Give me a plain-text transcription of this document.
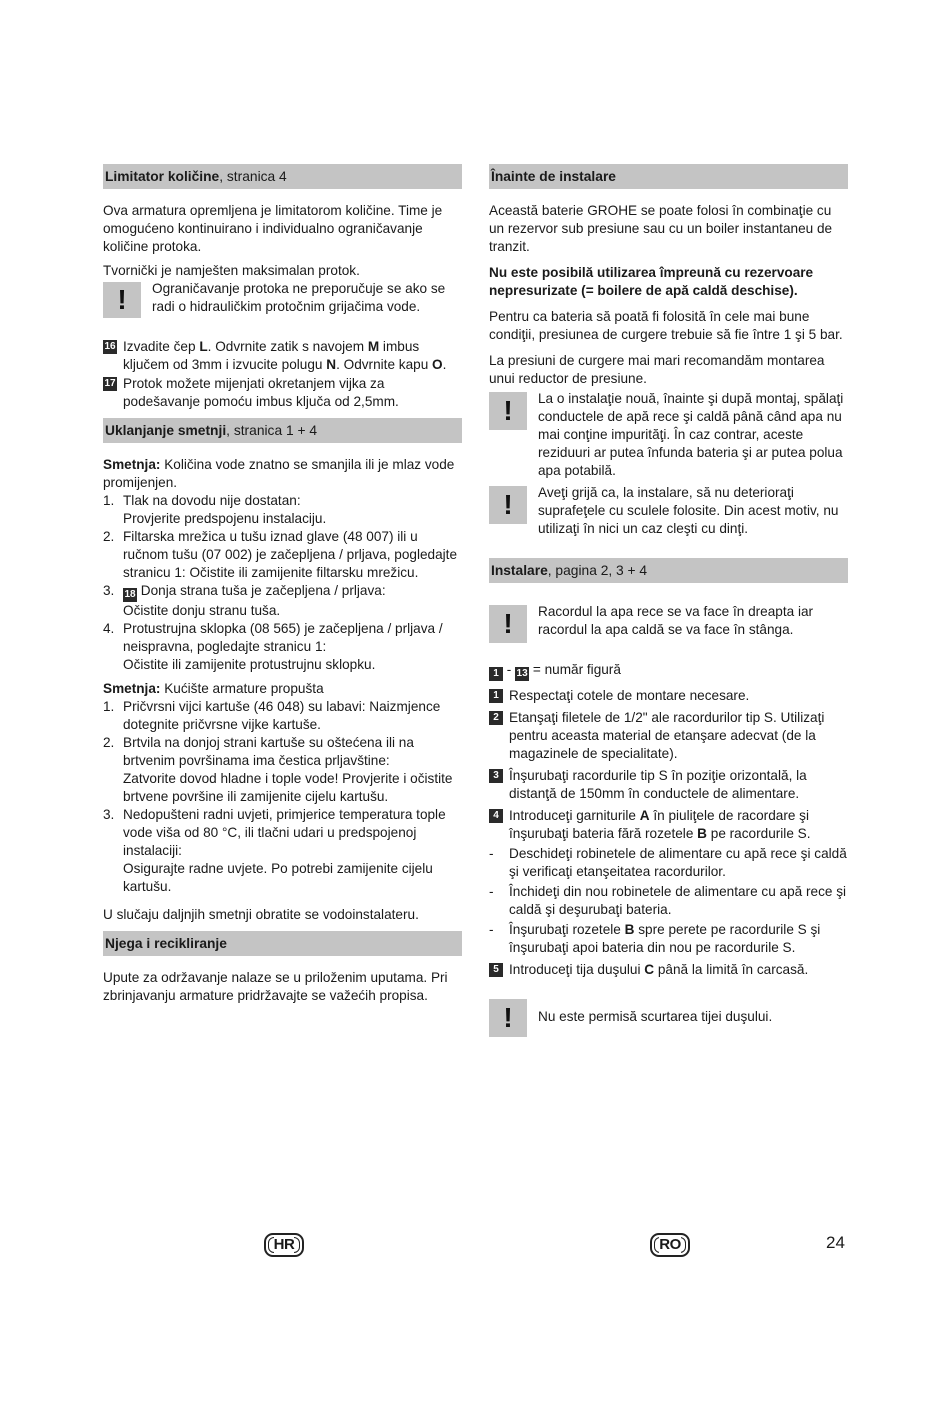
Limitator količine, stranica 4

Ova armatura opremljena je limitatorom količine. Time je omogućeno kontinuirano i individualno ograničavanje količine protoka.

Tvornički je namješten maksimalan protok.

!	Ograničavanje protoka ne preporučuje se ako se radi o hidrauličkim protočnim grijačima vode.

16 Izvadite čep L. Odvrnite zatik s navojem M imbus ključem od 3mm i izvucite polugu N. Odvrnite kapu O.

17 Protok možete mijenjati okretanjem vijka za podešavanje pomoću imbus ključa od 2,5mm.

Uklanjanje smetnji, stranica 1 + 4

Smetnja: Količina vode znatno se smanjila ili je mlaz vode promijenjen.

1. Tlak na dovodu nije dostatan:
Provjerite predspojenu instalaciju.
2. Filtarska mrežica u tušu iznad glave (48 007) ili u ručnom tušu (07 002) je začepljena / prljava, pogledajte stranicu 1: Očistite ili zamijenite filtarsku mrežicu.
3. 18 Donja strana tuša je začepljena / prljava:
Očistite donju stranu tuša.
4. Protustrujna sklopka (08 565) je začepljena / prljava / neispravna, pogledajte stranicu 1:
Očistite ili zamijenite protustrujnu sklopku.

Smetnja: Kućište armature propušta

1. Pričvrsni vijci kartuše (46 048) su labavi: Naizmjence dotegnite pričvrsne vijke kartuše.
2. Brtvila na donjoj strani kartuše su oštećena ili na brtvenim površinama ima čestica prljavštine:
Zatvorite dovod hladne i tople vode! Provjerite i očistite brtvene površine ili zamijenite cijelu kartušu.
3. Nedopušteni radni uvjeti, primjerice temperatura tople vode viša od 80 °C, ili tlačni udari u predspojenoj instalaciji:
Osigurajte radne uvjete. Po potrebi zamijenite cijelu kartušu.

U slučaju daljnjih smetnji obratite se vodoinstalateru.

Njega i recikliranje

Upute za održavanje nalaze se u priloženim uputama. Pri zbrinjavanju armature pridržavajte se važećih propisa.

Înainte de instalare

Această baterie GROHE se poate folosi în combinaţie cu un rezervor sub presiune sau cu un boiler instantaneu de tranzit.

Nu este posibilă utilizarea împreună cu rezervoare nepresurizate (= boilere de apă caldă deschise).

Pentru ca bateria să poată fi folosită în cele mai bune condiţii, presiunea de curgere trebuie să fie între 1 şi 5 bar.

La presiuni de curgere mai mari recomandăm montarea unui reductor de presiune.

!	La o instalaţie nouă, înainte şi după montaj, spălaţi conductele de apă rece şi caldă până când apa nu mai conţine impurităţi. În caz contrar, aceste reziduuri ar putea înfunda bateria şi ar putea polua apa potabilă.
!	Aveţi grijă ca, la instalare, să nu deterioraţi suprafeţele cu sculele folosite. Din acest motiv, nu utilizaţi în nici un caz cleşti cu dinţi.
Instalare, pagina 2, 3 + 4
!	Racordul la apa rece se va face în dreapta iar racordul la apa caldă se va face în stânga.

1 - 13 = număr figură

1 Respectaţi cotele de montare necesare.

2 Etanşaţi filetele de 1/2" ale racordurilor tip S. Utilizaţi pentru aceasta material de etanşare adecvat (de la magazinele de specialitate).

3 Înşurubaţi racordurile tip S în poziţie orizontală, la distanţă de 150mm în conductele de alimentare.

4 Introduceţi garniturile A în piuliţele de racordare şi înşurubaţi bateria fără rozetele B pe racordurile S.

- Deschideţi robinetele de alimentare cu apă rece şi caldă şi verificaţi etanşeitatea racordurilor.
- Închideţi din nou robinetele de alimentare cu apă rece şi caldă şi deşurubaţi bateria.
- Înşurubaţi rozetele B spre perete pe racordurile S şi înşurubaţi apoi bateria din nou pe racordurile S.

5 Introduceţi tija duşului C până la limită în carcasă.

!	Nu este permisă scurtarea tijei duşului.
HR	RO	24
